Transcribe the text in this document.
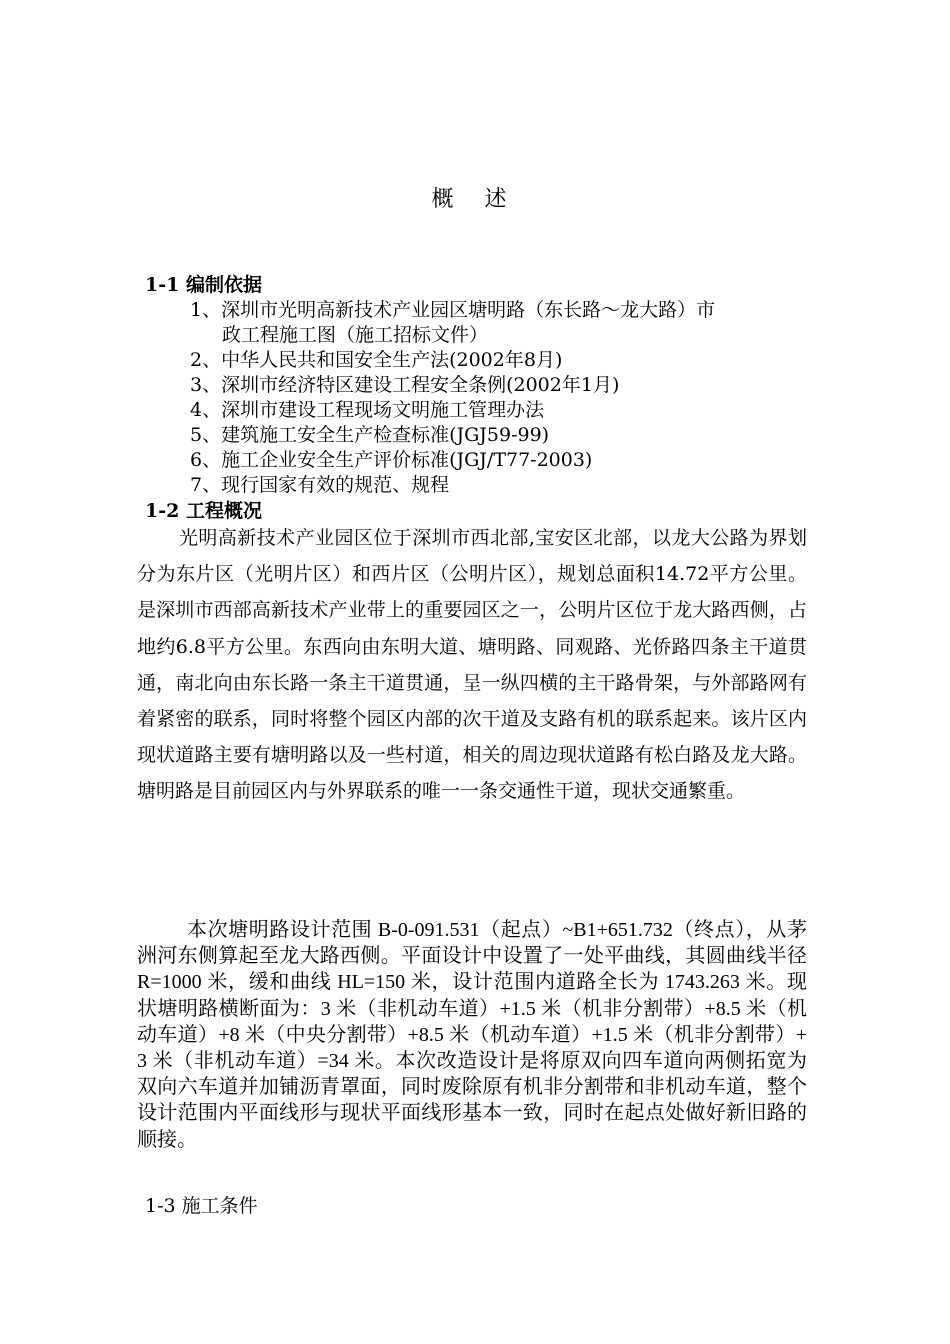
概 述
1-1 编制依据
1、深圳市光明高新技术产业园区塘明路（东长路～龙大路）市
政工程施工图（施工招标文件）
2、中华人民共和国安全生产法(2002年8月)
3、深圳市经济特区建设工程安全条例(2002年1月)
4、深圳市建设工程现场文明施工管理办法
5、建筑施工安全生产检查标准(JGJ59-99)
6、施工企业安全生产评价标准(JGJ/T77-2003)
7、现行国家有效的规范、规程
1-2 工程概况
光明高新技术产业园区位于深圳市西北部,宝安区北部，以龙大公路为界划分为东片区（光明片区）和西片区（公明片区），规划总面积14.72平方公里。是深圳市西部高新技术产业带上的重要园区之一，公明片区位于龙大路西侧，占地约6.8平方公里。东西向由东明大道、塘明路、同观路、光侨路四条主干道贯通，南北向由东长路一条主干道贯通，呈一纵四横的主干路骨架，与外部路网有着紧密的联系，同时将整个园区内部的次干道及支路有机的联系起来。该片区内现状道路主要有塘明路以及一些村道，相关的周边现状道路有松白路及龙大路。塘明路是目前园区内与外界联系的唯一一条交通性干道，现状交通繁重。
本次塘明路设计范围 B-0-091.531（起点）~B1+651.732（终点），从茅洲河东侧算起至龙大路西侧。平面设计中设置了一处平曲线，其圆曲线半径 R=1000 米，缓和曲线 HL=150 米，设计范围内道路全长为 1743.263 米。现状塘明路横断面为：3 米（非机动车道）+1.5 米（机非分割带）+8.5 米（机动车道）+8 米（中央分割带）+8.5 米（机动车道）+1.5 米（机非分割带）+ 3 米（非机动车道）=34 米。本次改造设计是将原双向四车道向两侧拓宽为双向六车道并加铺沥青罩面，同时废除原有机非分割带和非机动车道，整个设计范围内平面线形与现状平面线形基本一致，同时在起点处做好新旧路的顺接。
1-3 施工条件
